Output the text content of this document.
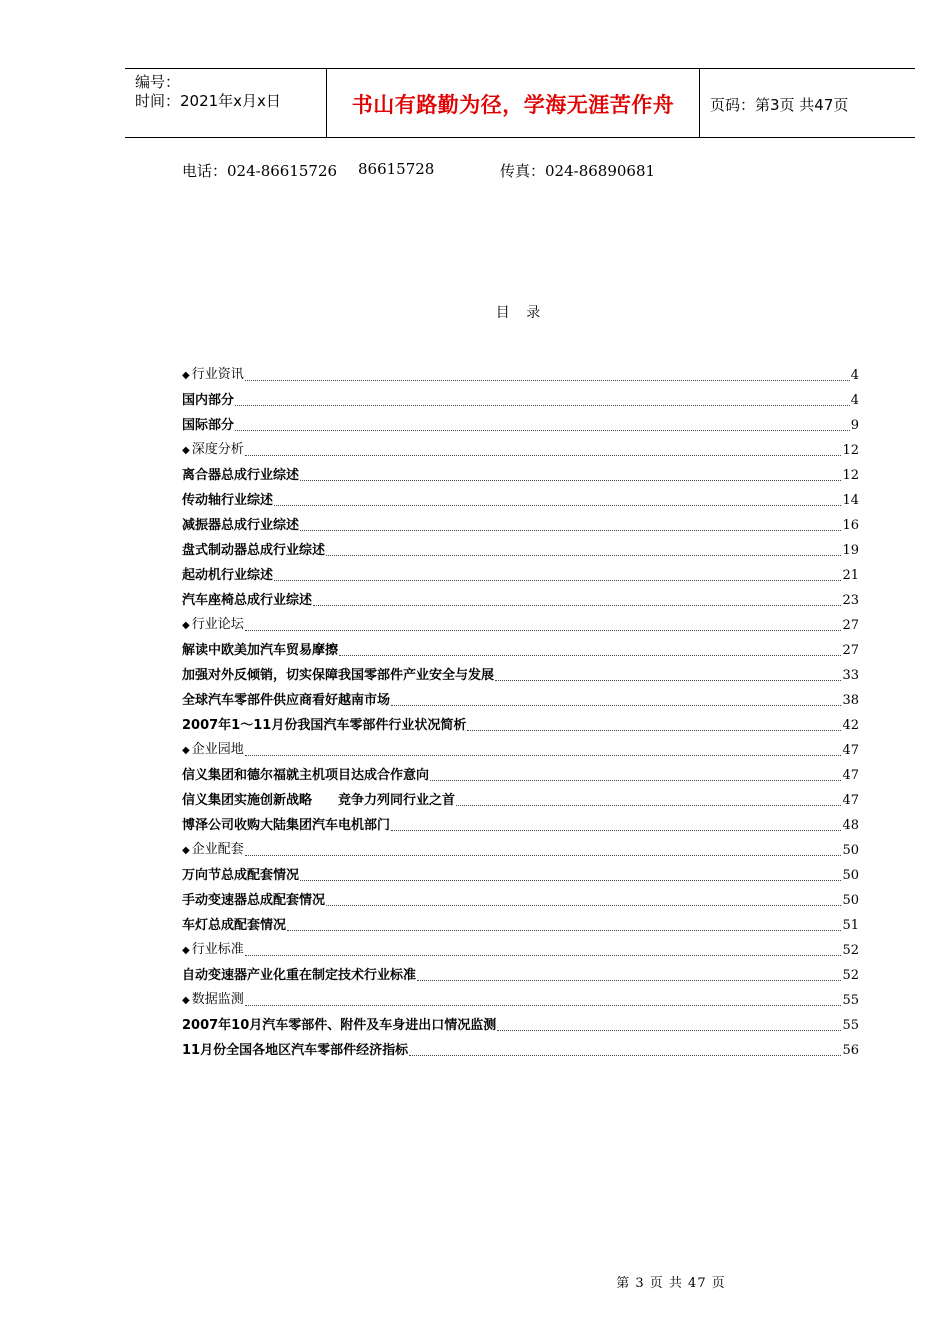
编号：
时间：2021年x月x日	书山有路勤为径，学海无涯苦作舟	页码：第3页 共47页
电话：024-86615726 86615728	传真：024-86890681
目 录
◆ 行业资讯	4
国内部分	4
国际部分	9
◆ 深度分析	12
离合器总成行业综述	12
传动轴行业综述	14
减振器总成行业综述	16
盘式制动器总成行业综述	19
起动机行业综述	21
汽车座椅总成行业综述	23
◆ 行业论坛	27
解读中欧美加汽车贸易摩擦	27
加强对外反倾销，切实保障我国零部件产业安全与发展	33
全球汽车零部件供应商看好越南市场	38
2007年1～11月份我国汽车零部件行业状况简析	42
◆ 企业园地	47
信义集团和德尔福就主机项目达成合作意向	47
信义集团实施创新战略　　竞争力列同行业之首	47
博泽公司收购大陆集团汽车电机部门	48
◆ 企业配套	50
万向节总成配套情况	50
手动变速器总成配套情况	50
车灯总成配套情况	51
◆ 行业标准	52
自动变速器产业化重在制定技术行业标准	52
◆ 数据监测	55
2007年10月汽车零部件、附件及车身进出口情况监测	55
11月份全国各地区汽车零部件经济指标	56
第 3 页 共 47 页
